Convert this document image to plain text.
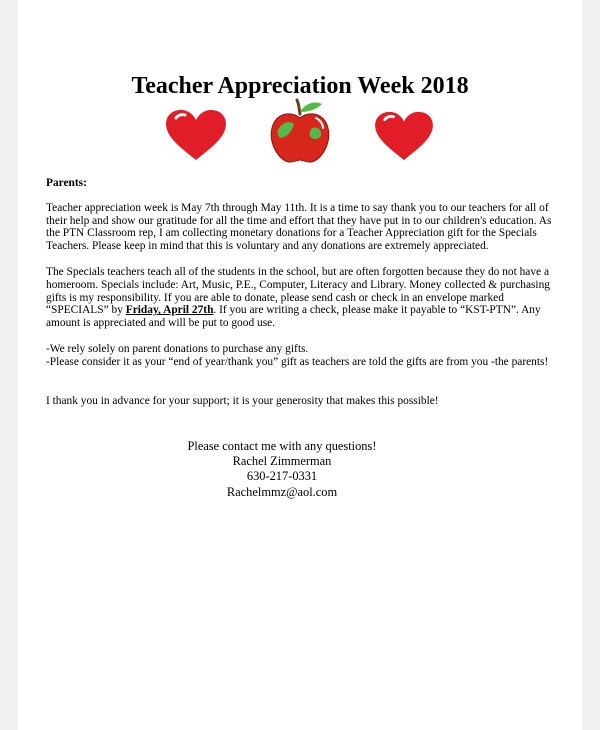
Teacher Appreciation Week 2018

Parents:

Teacher appreciation week is May 7th through May 11th. It is a time to say thank you to our teachers for all of their help and show our gratitude for all the time and effort that they have put in to our children's education. As the PTN Classroom rep, I am collecting monetary donations for a Teacher Appreciation gift for the Specials Teachers. Please keep in mind that this is voluntary and any donations are extremely appreciated.

The Specials teachers teach all of the students in the school, but are often forgotten because they do not have a homeroom. Specials include: Art, Music, P.E., Computer, Literacy and Library. Money collected & purchasing gifts is my responsibility. If you are able to donate, please send cash or check in an envelope marked “SPECIALS” by Friday, April 27th. If you are writing a check, please make it payable to “KST-PTN”. Any amount is appreciated and will be put to good use.

-We rely solely on parent donations to purchase any gifts.

-Please consider it as your “end of year/thank you” gift as teachers are told the gifts are from you -the parents!

I thank you in advance for your support; it is your generosity that makes this possible!

Please contact me with any questions!
Rachel Zimmerman
630-217-0331
Rachelmmz@aol.com
